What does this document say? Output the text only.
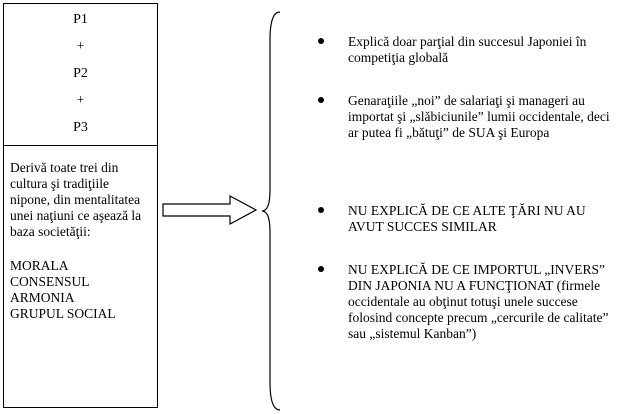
P1
+
P2
+
P3

Derivă toate trei din cultura şi tradiţiile nipone, din mentalitatea unei naţiuni ce aşează la baza societăţii:

MORALA
CONSENSUL
ARMONIA
GRUPUL SOCIAL
Explică doar parţial din succesul Japoniei în competiţia globală
Genaraţiile „noi” de salariaţi şi manageri au importat şi „slăbiciunile” lumii occidentale, deci ar putea fi „bătuţi” de SUA şi Europa
NU EXPLICĂ DE CE ALTE ŢĂRI NU AU AVUT SUCCES SIMILAR
NU EXPLICĂ DE CE IMPORTUL „INVERS” DIN JAPONIA NU A FUNCŢIONAT (firmele occidentale au obţinut totuşi unele succese folosind concepte precum „cercurile de calitate” sau „sistemul Kanban”)
